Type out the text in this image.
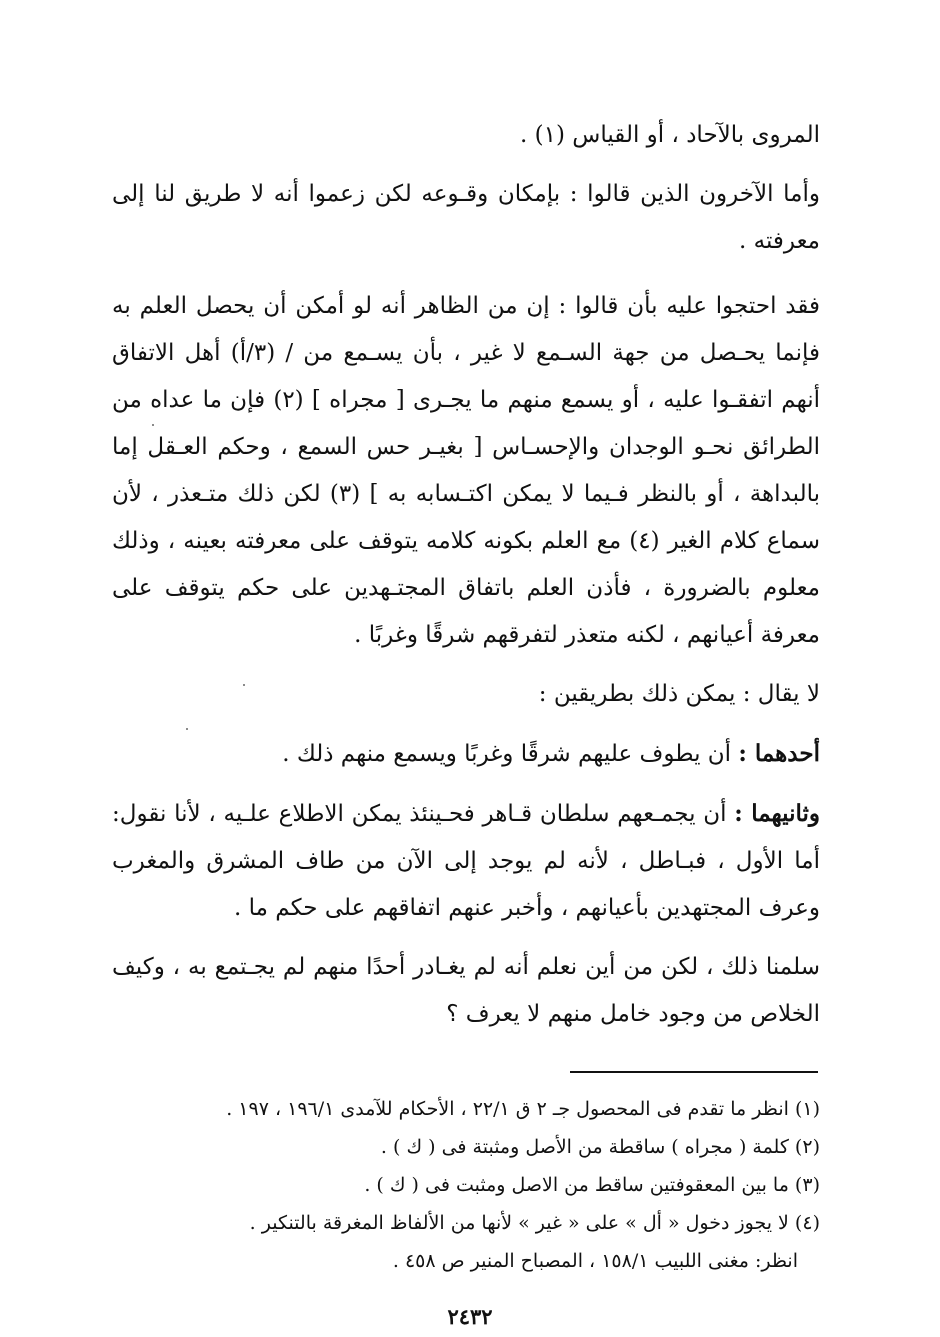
المروى بالآحاد ، أو القياس (١) .

وأما الآخرون الذين قالوا : بإمكان وقـوعه لكن زعموا أنه لا طريق لنا إلى معرفته .

فقد احتجوا عليه بأن قالوا : إن من الظاهر أنه لو أمكن أن يحصل العلم به فإنما يحـصل من جهة السـمع لا غير ، بأن يسـمع من / (٣/أ) أهل الاتفاق أنهم اتفقـوا عليه ، أو يسمع منهم ما يجـرى [ مجراه ] (٢) فإن ما عداه من الطرائق نحـو الوجدان والإحسـاس [ بغيـر حس السمع ، وحكم العـقل إما بالبداهة ، أو بالنظر فـيما لا يمكن اكتـسابه به ] (٣) لكن ذلك متـعذر ، لأن سماع كلام الغير (٤) مع العلم بكونه كلامه يتوقف على معرفته بعينه ، وذلك معلوم بالضرورة ، فأذن العلم باتفاق المجتـهدين على حكم يتوقف على معرفة أعيانهم ، لكنه متعذر لتفرقهم شرقًا وغربًا .

لا يقال : يمكن ذلك بطريقين :

أحدهما : أن يطوف عليهم شرقًا وغربًا ويسمع منهم ذلك .

وثانيهما : أن يجمـعهم سلطان قـاهر فحـينئذ يمكن الاطلاع علـيه ، لأنا نقول: أما الأول ، فبـاطل ، لأنه لم يوجد إلى الآن من طاف المشرق والمغرب وعرف المجتهدين بأعيانهم ، وأخبر عنهم اتفاقهم على حكم ما .

سلمنا ذلك ، لكن من أين نعلم أنه لم يغـادر أحدًا منهم لم يجـتمع به ، وكيف الخلاص من وجود خامل منهم لا يعرف ؟

(١) انظر ما تقدم فى المحصول جـ ٢ ق ٢٢/١ ، الأحكام للآمدى ١٩٦/١ ، ١٩٧ .
(٢) كلمة ( مجراه ) ساقطة من الأصل ومثبتة فى ( ك ) .
(٣) ما بين المعقوفتين ساقط من الاصل ومثبت فى ( ك ) .
(٤) لا يجوز دخول « أل » على « غير » لأنها من الألفاظ المغرقة بالتنكير .
انظر: مغنى اللبيب ١٥٨/١ ، المصباح المنير ص ٤٥٨ .
٢٤٣٢
